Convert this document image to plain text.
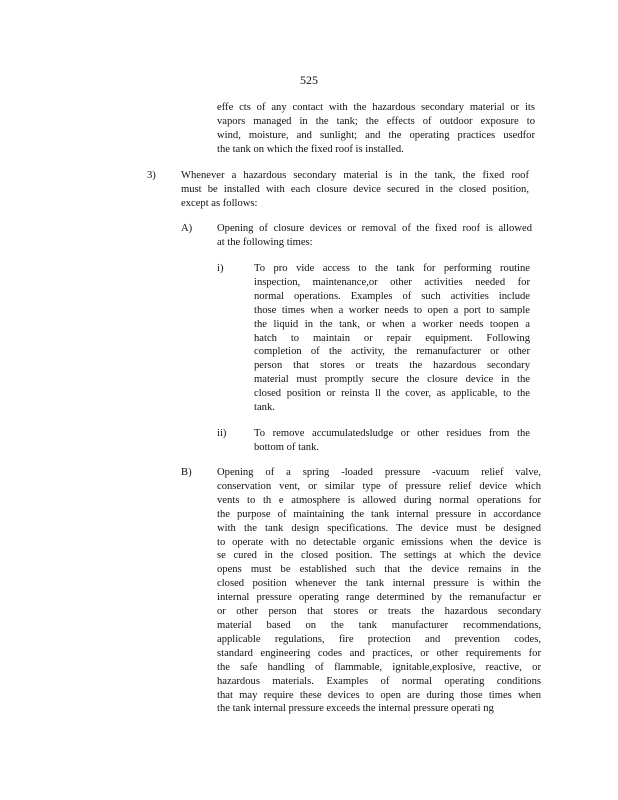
525
effe cts of any contact with the hazardous secondary material or its
vapors managed in the tank; the effects of outdoor exposure to
wind, moisture, and sunlight; and the operating practices usedfor
the tank on which the fixed roof is installed.
3) Whenever a hazardous secondary material is in the tank, the fixed roof
must be installed with each closure device secured in the closed position,
except as follows:
A) Opening of closure devices or removal of the fixed roof is allowed
at the following times:
i)	To pro vide access to the tank for performing routine
inspection, maintenance,or other activities needed for
normal operations. Examples of such activities include
those times when a worker needs to open a port to sample
the liquid in the tank, or when a worker needs toopen a
hatch to maintain or repair equipment. Following
completion of the activity, the remanufacturer or other
person that stores or treats the hazardous secondary
material must promptly secure the closure device in the
closed position or reinsta ll the cover, as applicable, to the
tank.
ii)	To remove accumulatedsludge or other residues from the
bottom of tank.
B) Opening of a spring -loaded pressure -vacuum relief valve,
conservation vent, or similar type of pressure relief device which
vents to th e atmosphere is allowed during normal operations for
the purpose of maintaining the tank internal pressure in accordance
with the tank design specifications. The device must be designed
to operate with no detectable organic emissions when the device is
se cured in the closed position. The settings at which the device
opens must be established such that the device remains in the
closed position whenever the tank internal pressure is within the
internal pressure operating range determined by the remanufactur er
or other person that stores or treats the hazardous secondary
material based on the tank manufacturer recommendations,
applicable regulations, fire protection and prevention codes,
standard engineering codes and practices, or other requirements for
the safe handling of flammable, ignitable,explosive, reactive, or
hazardous materials. Examples of normal operating conditions
that may require these devices to open are during those times when
the tank internal pressure exceeds the internal pressure operati ng
